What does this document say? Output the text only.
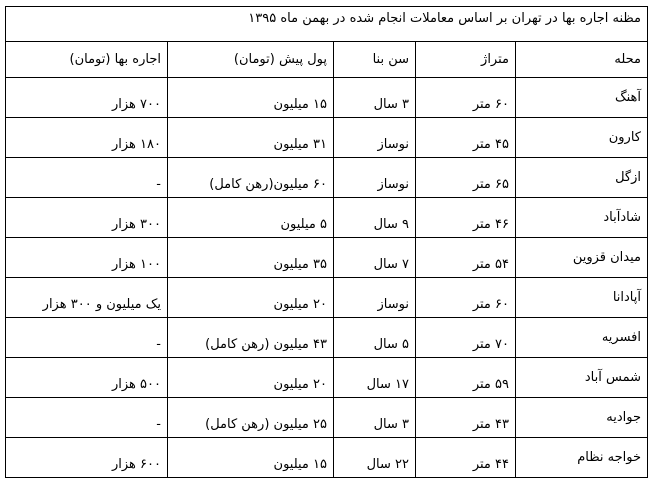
مظنه اجاره بها در تهران بر اساس معاملات انجام شده در بهمن ماه ۱۳۹۵				
محله	متراژ	سن بنا	پول پیش (تومان)	اجاره بها (تومان)
آهنگ	۶۰ متر	۳ سال	۱۵ میلیون	۷۰۰ هزار
کارون	۴۵ متر	نوساز	۳۱ میلیون	۱۸۰ هزار
ازگل	۶۵ متر	نوساز	۶۰ میلیون(رهن کامل)	-
شادآباد	۴۶ متر	۹ سال	۵ میلیون	۳۰۰ هزار
میدان قزوین	۵۴ متر	۷ سال	۳۵ میلیون	۱۰۰ هزار
آپادانا	۶۰ متر	نوساز	۲۰ میلیون	یک میلیون و ۳۰۰ هزار
افسریه	۷۰ متر	۵ سال	۴۳ میلیون (رهن کامل)	-
شمس آباد	۵۹ متر	۱۷ سال	۲۰ میلیون	۵۰۰ هزار
جوادیه	۴۳ متر	۳ سال	۲۵ میلیون (رهن کامل)	-
خواجه نظام	۴۴ متر	۲۲ سال	۱۵ میلیون	۶۰۰ هزار
